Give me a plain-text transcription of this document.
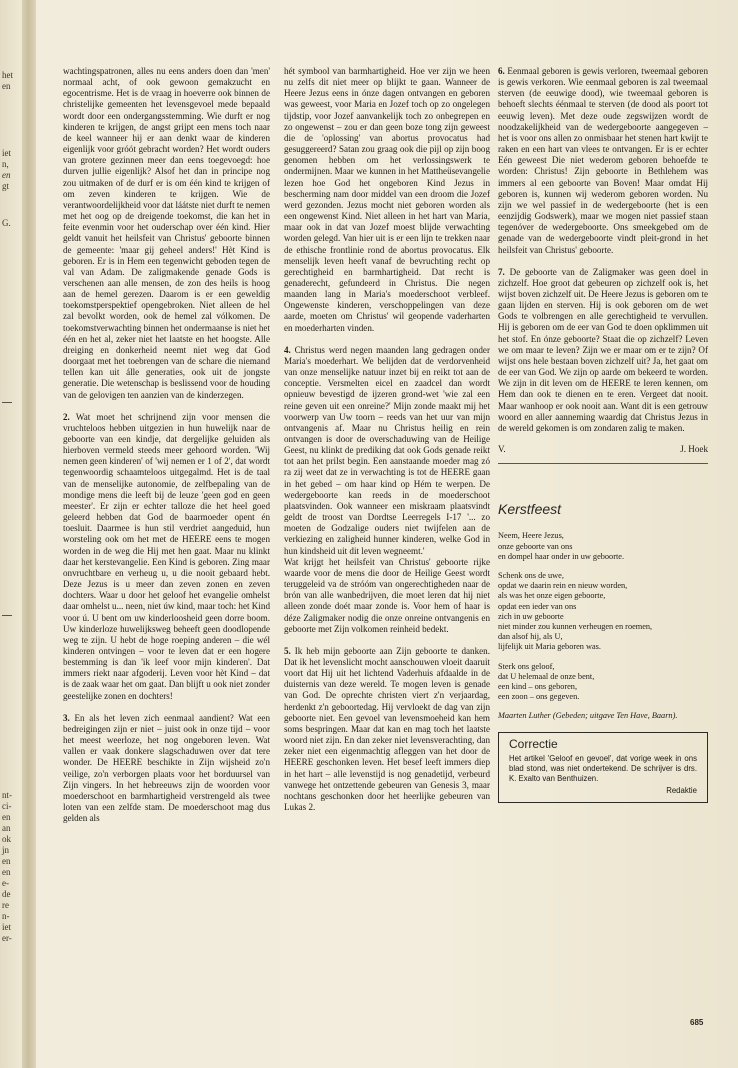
het
en
iet
n,
en
gt
G.
nt-
ci-
en
an
ok
jn
en
en
e-
de
re
n-
iet
er-

wachtingspatronen, alles nu eens anders doen dan 'men' normaal acht, of ook gewoon gemakzucht en egocentrisme. Het is de vraag in hoeverre ook binnen de christelijke gemeenten het levensgevoel mede bepaald wordt door een ondergangsstemming. Wie durft er nog kinderen te krijgen, de angst grijpt een mens toch naar de keel wanneer hij er aan denkt waar de kinderen eigenlijk voor gróót gebracht worden? Het wordt ouders van grotere gezinnen meer dan eens toegevoegd: hoe durven jullie eigenlijk? Alsof het dan in principe nog zou uitmaken of de durf er is om één kind te krijgen of om zeven kinderen te krijgen. Wie de verantwoordelijkheid voor dat láátste niet durft te nemen met het oog op de dreigende toekomst, die kan het in feite evenmin voor het ouderschap over één kind. Hier geldt vanuit het heilsfeit van Christus' geboorte binnen de gemeente: 'maar gij geheel anders!' Hèt Kind is geboren. Er is in Hem een tegenwicht geboden tegen de val van Adam. De zaligmakende genade Gods is verschenen aan alle mensen, de zon des heils is hoog aan de hemel gerezen. Daarom is er een geweldig toekomstperspektief opengebroken. Niet alleen de hel zal bevolkt worden, ook de hemel zal vólkomen. De toekomstverwachting binnen het ondermaanse is niet het één en het al, zeker niet het laatste en het hoogste. Alle dreiging en donkerheid neemt niet weg dat God doorgaat met het toebrengen van de schare die niemand tellen kan uit álle generaties, ook uit de jongste generatie. Die wetenschap is beslissend voor de houding van de gelovigen ten aanzien van de kinderzegen.

2. Wat moet het schrijnend zijn voor mensen die vruchteloos hebben uitgezien in hun huwelijk naar de geboorte van een kindje, dat dergelijke geluiden als hierboven vermeld steeds meer gehoord worden. 'Wij nemen geen kinderen' of 'wij nemen er 1 of 2', dat wordt tegenwoordig schaamteloos uitgegalmd. Het is de taal van de menselijke autonomie, de zelfbepaling van de mondige mens die leeft bij de leuze 'geen god en geen meester'. Er zijn er echter talloze die het heel goed geleerd hebben dat God de baarmoeder opent én toesluit. Daarmee is hun stil verdriet aangeduid, hun worsteling ook om het met de HEERE eens te mogen worden in de weg die Hij met hen gaat. Maar nu klinkt daar het kerstevangelie. Een Kind is geboren. Zing maar onvruchtbare en verheug u, u die nooit gebaard hebt. Deze Jezus is u meer dan zeven zonen en zeven dochters. Waar u door het geloof het evangelie omhelst daar omhelst u... neen, niet úw kind, maar toch: het Kind voor ú. U bent om uw kinderloosheid geen dorre boom. Uw kinderloze huwelijksweg beheeft geen doodlopende weg te zijn. U hebt de hoge roeping anderen – die wél kinderen ontvingen – voor te leven dat er een hogere bestemming is dan 'ik leef voor mijn kinderen'. Dat immers riekt naar afgoderij. Leven voor hèt Kind – dat is de zaak waar het om gaat. Dan blijft u ook niet zonder geestelijke zonen en dochters!

3. En als het leven zich eenmaal aandient? Wat een bedreigingen zijn er niet – juist ook in onze tijd – voor het meest weerloze, het nog ongeboren leven. Wat vallen er vaak donkere slagschaduwen over dat tere wonder. De HEERE beschikte in Zijn wijsheid zo'n veilige, zo'n verborgen plaats voor het borduursel van Zijn vingers. In het hebreeuws zijn de woorden voor moederschoot en barmhartigheid verstrengeld als twee loten van een zelfde stam. De moederschoot mag dus gelden als

hét symbool van barmhartigheid. Hoe ver zijn we heen nu zelfs dit niet meer op blijkt te gaan. Wanneer de Heere Jezus eens in ónze dagen ontvangen en geboren was geweest, voor Maria en Jozef toch op zo ongelegen tijdstip, voor Jozef aanvankelijk toch zo onbegrepen en zo ongewenst – zou er dan geen boze tong zijn geweest die de 'oplossing' van abortus provocatus had gesuggereerd? Satan zou graag ook die pijl op zijn boog genomen hebben om het verlossingswerk te ondermijnen. Maar we kunnen in het Mattheüsevangelie lezen hoe God het ongeboren Kind Jezus in bescherming nam door middel van een droom die Jozef werd gezonden. Jezus mocht niet geboren worden als een ongewenst Kind. Niet alleen in het hart van Maria, maar ook in dat van Jozef moest blijde verwachting worden gelegd. Van hier uit is er een lijn te trekken naar de ethische frontlinie rond de abortus provocatus. Elk menselijk leven heeft vanaf de bevruchting recht op gerechtigheid en barmhartigheid. Dat recht is genaderecht, gefundeerd in Christus. Die negen maanden lang in Maria's moederschoot verbleef. Ongewenste kinderen, verschoppelingen van deze aarde, moeten om Christus' wil geopende vaderharten en moederharten vinden.

4. Christus werd negen maanden lang gedragen onder Maria's moederhart. We belijden dat de verdorvenheid van onze menselijke natuur inzet bij en reikt tot aan de conceptie. Versmelten eicel en zaadcel dan wordt opnieuw bevestigd de ijzeren grond-wet 'wie zal een reine geven uit een onreine?' Mijn zonde maakt mij het voorwerp van Uw toorn – reeds van het uur van mijn ontvangenis af. Maar nu Christus heilig en rein ontvangen is door de overschaduwing van de Heilige Geest, nu klinkt de prediking dat ook Gods genade reikt tot aan het prilst begin. Een aanstaande moeder mag zó ra zij weet dat ze in verwachting is tot de HEERE gaan in het gebed – om haar kind op Hém te werpen. De wedergeboorte kan reeds in de moederschoot plaatsvinden. Ook wanneer een miskraam plaatsvindt geldt de troost van Dordtse Leerregels I-17 '... zo moeten de Godzalige ouders niet twijfelen aan de verkiezing en zaligheid hunner kinderen, welke God in hun kindsheid uit dit leven wegneemt.'

Wat krijgt het heilsfeit van Christus' geboorte rijke waarde voor de mens die door de Heilige Geest wordt teruggeleid va de stróóm van ongerechtigheden naar de brón van alle wanbedrijven, die moet leren dat hij niet alleen zonde doét maar zonde is. Voor hem of haar is déze Zaligmaker nodig die onze onreine ontvangenis en geboorte met Zijn volkomen reinheid bedekt.

5. Ik heb mijn geboorte aan Zijn geboorte te danken. Dat ik het levenslicht mocht aanschouwen vloeit daaruit voort dat Hij uit het lichtend Vaderhuis afdaalde in de duisternis van deze wereld. Te mogen leven is genade van God. De oprechte christen viert z'n verjaardag, herdenkt z'n geboortedag. Hij vervloekt de dag van zijn geboorte niet. Een gevoel van levensmoeheid kan hem soms bespringen. Maar dat kan en mag toch het laatste woord niet zijn. En dan zeker niet levensverachting, dan zeker niet een eigenmachtig afleggen van het door de HEERE geschonken leven. Het besef leeft immers diep in het hart – alle levenstijd is nog genadetijd, verbeurd vanwege het ontzettende gebeuren van Genesis 3, maar nochtans geschonken door het heerlijke gebeuren van Lukas 2.

6. Eenmaal geboren is gewis verloren, tweemaal geboren is gewis verkoren. Wie eenmaal geboren is zal tweemaal sterven (de eeuwige dood), wie tweemaal geboren is behoeft slechts éénmaal te sterven (de dood als poort tot eeuwig leven). Met deze oude zegswijzen wordt de noodzakelijkheid van de wedergeboorte aangegeven – het is voor ons allen zo onmisbaar het stenen hart kwijt te raken en een hart van vlees te ontvangen. Er is er echter Eén geweest Die niet wederom geboren behoefde te worden: Christus! Zijn geboorte in Bethlehem was immers al een geboorte van Boven! Maar omdat Hij geboren is, kunnen wij wederom geboren worden. Nu zijn we wel passief in de wedergeboorte (het is een eenzijdig Godswerk), maar we mogen niet passief staan tegenóver de wedergeboorte. Ons smeekgebed om de genade van de wedergeboorte vindt pleit-grond in het heilsfeit van Christus' geboorte.

7. De geboorte van de Zaligmaker was geen doel in zichzelf. Hoe groot dat gebeuren op zichzelf ook is, het wijst boven zichzelf uit. De Heere Jezus is geboren om te gaan lijden en sterven. Hij is ook geboren om de wet Gods te volbrengen en alle gerechtigheid te vervullen. Hij is geboren om de eer van God te doen opklimmen uit het stof. En ónze geboorte? Staat die op zichzelf? Leven we om maar te leven? Zijn we er maar om er te zijn? Of wijst ons hele bestaan boven zichzelf uit? Ja, het gaat om de eer van God. We zijn op aarde om bekeerd te worden. We zijn in dit leven om de HEERE te leren kennen, om Hem dan ook te dienen en te eren. Vergeet dat nooit. Maar wanhoop er ook nooit aan. Want dit is een getrouw woord en aller aanneming waardig dat Christus Jezus in de wereld gekomen is om zondaren zalig te maken.

V.	J. Hoek
Kerstfeest
Neem, Heere Jezus,
onze geboorte van ons
en dompel haar onder in uw geboorte.
Schenk ons de uwe,
opdat we daarin rein en nieuw worden,
als was het onze eigen geboorte,
opdat een ieder van ons
zich in uw geboorte
niet minder zou kunnen verheugen en roemen,
dan alsof hij, als U,
lijfelijk uit Maria geboren was.
Sterk ons geloof,
dat U helemaal de onze bent,
een kind – ons geboren,
een zoon – ons gegeven.
Maarten Luther (Gebeden; uitgave Ten Have, Baarn).
Correctie
Het artikel 'Geloof en gevoel', dat vorige week in ons blad stond, was niet ondertekend. De schrijver is drs. K. Exalto van Benthuizen.
Redaktie
685
